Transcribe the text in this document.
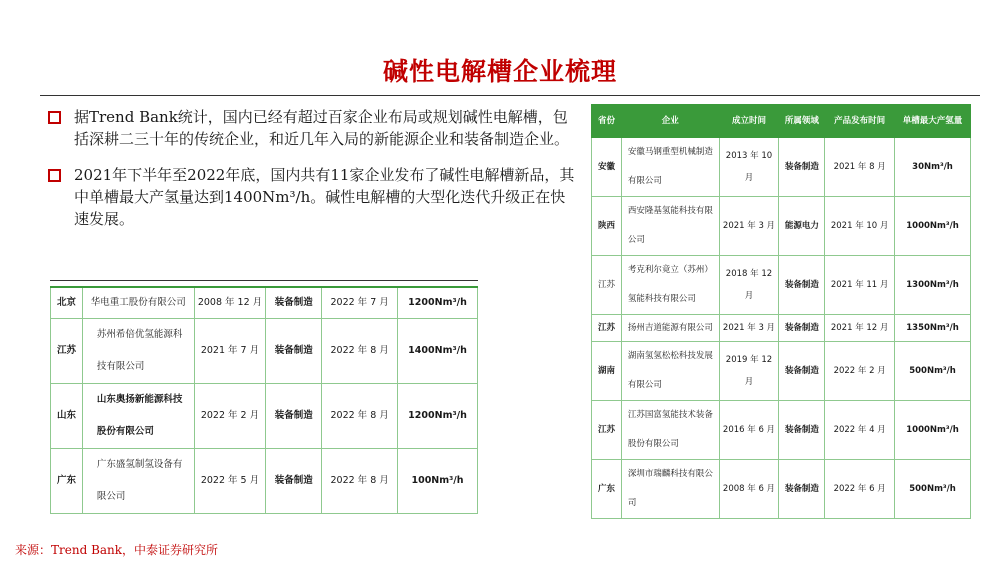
碱性电解槽企业梳理
据Trend Bank统计，国内已经有超过百家企业布局或规划碱性电解槽，包括深耕二三十年的传统企业，和近几年入局的新能源企业和装备制造企业。
2021年下半年至2022年底，国内共有11家企业发布了碱性电解槽新品，其中单槽最大产氢量达到1400Nm³/h。碱性电解槽的大型化迭代升级正在快速发展。
北京	华电重工股份有限公司	2008 年 12 月	装备制造	2022 年 7 月	1200Nm³/h
江苏	苏州希倍优氢能源科技有限公司	2021 年 7 月	装备制造	2022 年 8 月	1400Nm³/h
山东	山东奥扬新能源科技股份有限公司	2022 年 2 月	装备制造	2022 年 8 月	1200Nm³/h
广东	广东盛氢制氢设备有限公司	2022 年 5 月	装备制造	2022 年 8 月	100Nm³/h
省份	企业	成立时间	所属领域	产品发布时间	单槽最大产氢量
安徽	安徽马钢重型机械制造有限公司	2013 年 10 月	装备制造	2021 年 8 月	30Nm³/h
陕西	西安隆基氢能科技有限公司	2021 年 3 月	能源电力	2021 年 10 月	1000Nm³/h
江苏	考克利尔竟立（苏州）氢能科技有限公司	2018 年 12 月	装备制造	2021 年 11 月	1300Nm³/h
江苏	扬州吉道能源有限公司	2021 年 3 月	装备制造	2021 年 12 月	1350Nm³/h
湖南	湖南氢氢松松科技发展有限公司	2019 年 12 月	装备制造	2022 年 2 月	500Nm³/h
江苏	江苏国富氢能技术装备股份有限公司	2016 年 6 月	装备制造	2022 年 4 月	1000Nm³/h
广东	深圳市瑞麟科技有限公司	2008 年 6 月	装备制造	2022 年 6 月	500Nm³/h
来源：Trend Bank，中泰证券研究所
